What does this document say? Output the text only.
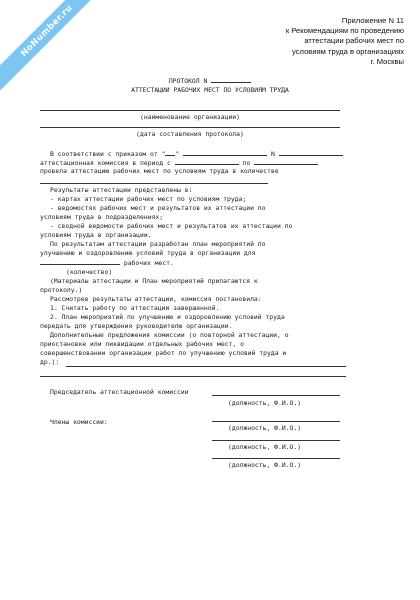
NoNumber.ru	Приложение N 11
к Рекомендациям по проведению
аттестации рабочих мест по
условиям труда в организациях
г. Москвы
ПРОТОКОЛ N
АТТЕСТАЦИИ РАБОЧИХ МЕСТ ПО УСЛОВИЯМ ТРУДА
(наименование организации)
(дата составления протокола)
В соответствии с приказом от " "	N
аттестационная комиссия в период с	по
провела аттестацию рабочих мест по условиям труда в количестве
Результаты аттестации представлены в:
- картах аттестации рабочих мест по условиям труда;
- ведомостях рабочих мест и результатов их аттестации по
условиям труда в подразделениях;
- сводной ведомости рабочих мест и результатов их аттестации по
условиям труда в организации.
По результатам аттестации разработан план мероприятий по
улучшению и оздоровлению условий труда в организации для
рабочих мест.
(количество)
(Материалы аттестации и План мероприятий прилагаются к
протоколу.)
Рассмотрев результаты аттестации, комиссия постановила:
1. Считать работу по аттестации завершенной.
2. План мероприятий по улучшению и оздоровлению условий труда
передать для утверждения руководителю организации.
Дополнительные предложения комиссии (о повторной аттестации, о
приостановке или ликвидации отдельных рабочих мест, о
совершенствовании организации работ по улучшению условий труда и
др.):
Председатель аттестационной комиссии
(должность, Ф.И.О.)
Члены комиссии:
(должность, Ф.И.О.)
(должность, Ф.И.О.)
(должность, Ф.И.О.)
